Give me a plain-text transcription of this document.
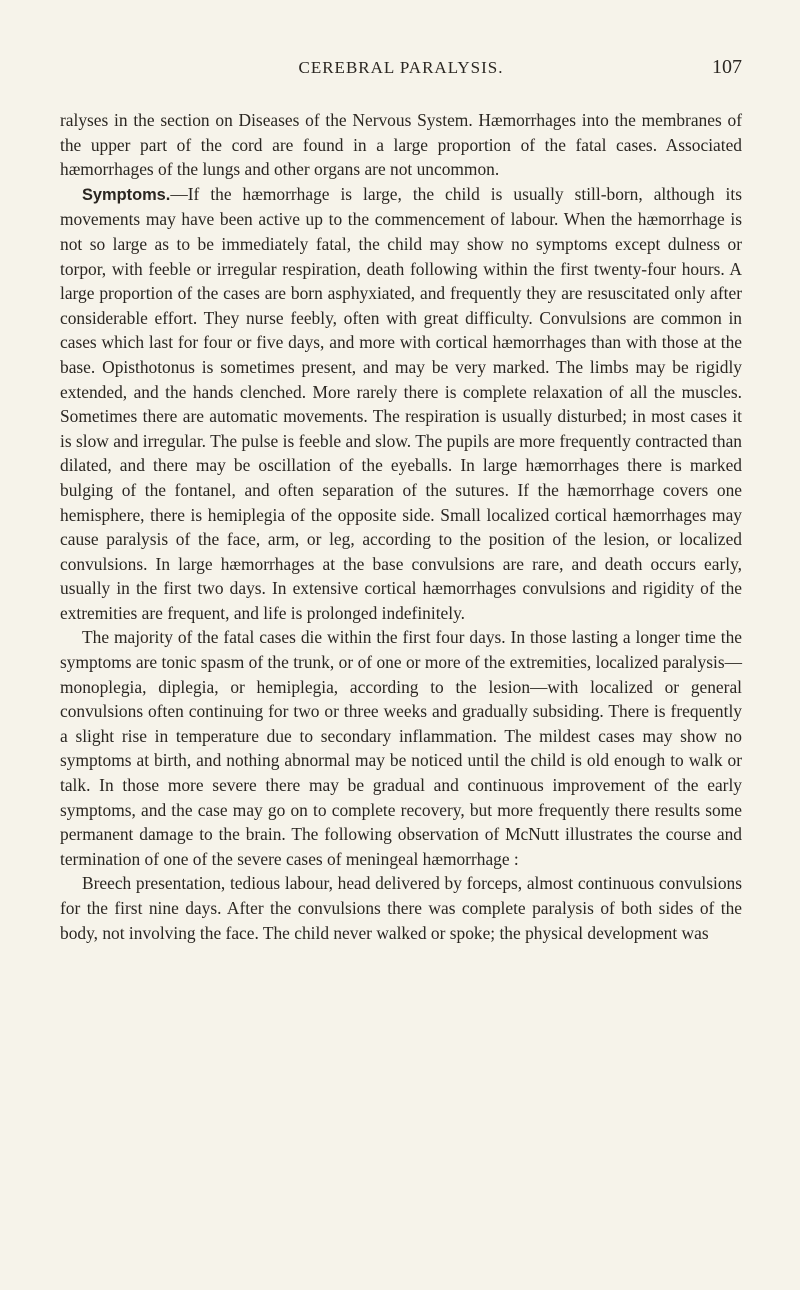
CEREBRAL PARALYSIS.	107

ralyses in the section on Diseases of the Nervous System. Hæmorrhages into the membranes of the upper part of the cord are found in a large proportion of the fatal cases. Associated hæmorrhages of the lungs and other organs are not uncommon.

Symptoms.—If the hæmorrhage is large, the child is usually still-born, although its movements may have been active up to the commencement of labour. When the hæmorrhage is not so large as to be immediately fatal, the child may show no symptoms except dulness or torpor, with feeble or irregular respiration, death following within the first twenty-four hours. A large proportion of the cases are born asphyxiated, and frequently they are resuscitated only after considerable effort. They nurse feebly, often with great difficulty. Convulsions are common in cases which last for four or five days, and more with cortical hæmorrhages than with those at the base. Opisthotonus is sometimes present, and may be very marked. The limbs may be rigidly extended, and the hands clenched. More rarely there is complete relaxation of all the muscles. Sometimes there are automatic movements. The respiration is usually disturbed; in most cases it is slow and irregular. The pulse is feeble and slow. The pupils are more frequently contracted than dilated, and there may be oscillation of the eyeballs. In large hæmorrhages there is marked bulging of the fontanel, and often separation of the sutures. If the hæmorrhage covers one hemisphere, there is hemiplegia of the opposite side. Small localized cortical hæmorrhages may cause paralysis of the face, arm, or leg, according to the position of the lesion, or localized convulsions. In large hæmorrhages at the base convulsions are rare, and death occurs early, usually in the first two days. In extensive cortical hæmorrhages convulsions and rigidity of the extremities are frequent, and life is prolonged indefinitely.

The majority of the fatal cases die within the first four days. In those lasting a longer time the symptoms are tonic spasm of the trunk, or of one or more of the extremities, localized paralysis—monoplegia, diplegia, or hemiplegia, according to the lesion—with localized or general convulsions often continuing for two or three weeks and gradually subsiding. There is frequently a slight rise in temperature due to secondary inflammation. The mildest cases may show no symptoms at birth, and nothing abnormal may be noticed until the child is old enough to walk or talk. In those more severe there may be gradual and continuous improvement of the early symptoms, and the case may go on to complete recovery, but more frequently there results some permanent damage to the brain. The following observation of McNutt illustrates the course and termination of one of the severe cases of meningeal hæmorrhage :

Breech presentation, tedious labour, head delivered by forceps, almost continuous convulsions for the first nine days. After the convulsions there was complete paralysis of both sides of the body, not involving the face. The child never walked or spoke; the physical development was
